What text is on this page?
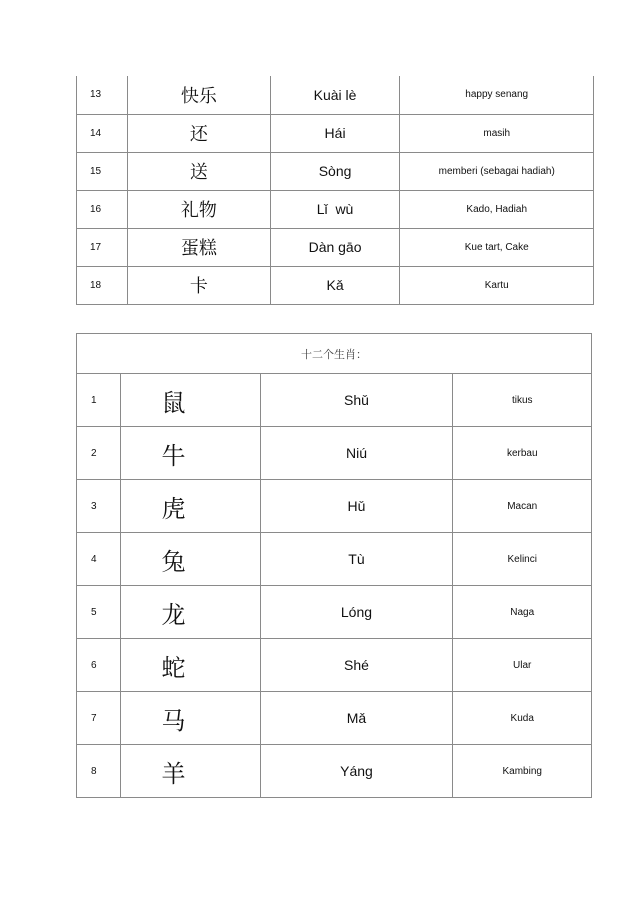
13	快乐	Kuài lè	happy senang
14	还	Hái	masih
15	送	Sòng	memberi (sebagai hadiah)
16	礼物	Lǐ  wù	Kado, Hadiah
17	蛋糕	Dàn gāo	Kue tart, Cake
18	卡	Kǎ	Kartu
十二个生肖：			
1	鼠	Shǔ	tikus
2	牛	Niú	kerbau
3	虎	Hǔ	Macan
4	兔	Tù	Kelinci
5	龙	Lóng	Naga
6	蛇	Shé	Ular
7	马	Mǎ	Kuda
8	羊	Yáng	Kambing
